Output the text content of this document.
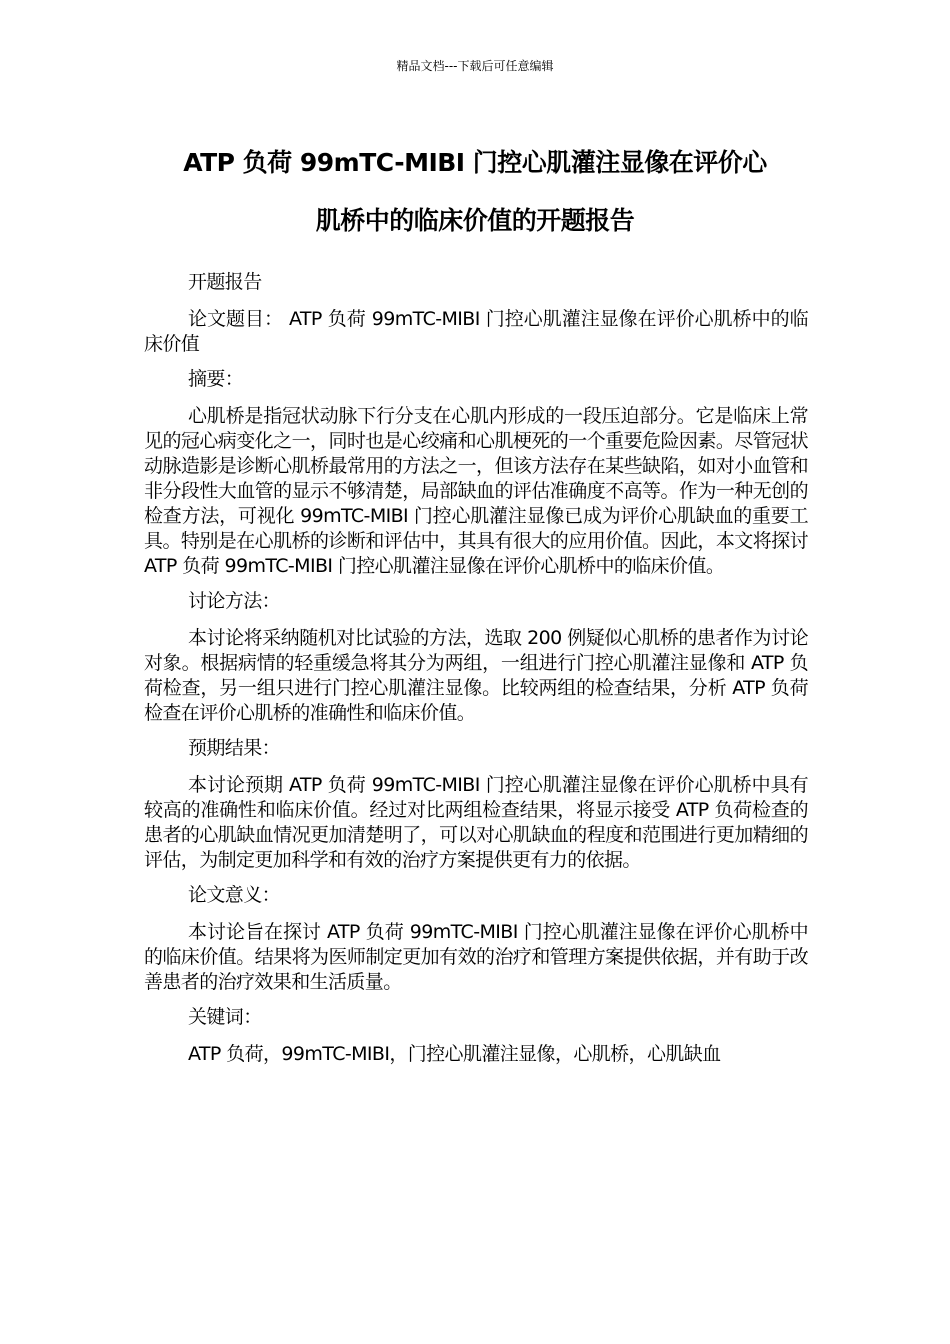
精品文档---下载后可任意编辑
ATP 负荷 99mTC-MIBI 门控心肌灌注显像在评价心
肌桥中的临床价值的开题报告

开题报告

论文题目： ATP 负荷 99mTC-MIBI 门控心肌灌注显像在评价心肌桥中的临床价值

摘要：

心肌桥是指冠状动脉下行分支在心肌内形成的一段压迫部分。它是临床上常见的冠心病变化之一，同时也是心绞痛和心肌梗死的一个重要危险因素。尽管冠状动脉造影是诊断心肌桥最常用的方法之一，但该方法存在某些缺陷，如对小血管和非分段性大血管的显示不够清楚，局部缺血的评估准确度不高等。作为一种无创的检查方法，可视化 99mTC-MIBI 门控心肌灌注显像已成为评价心肌缺血的重要工具。特别是在心肌桥的诊断和评估中，其具有很大的应用价值。因此，本文将探讨 ATP 负荷 99mTC-MIBI 门控心肌灌注显像在评价心肌桥中的临床价值。

讨论方法：

本讨论将采纳随机对比试验的方法，选取 200 例疑似心肌桥的患者作为讨论对象。根据病情的轻重缓急将其分为两组，一组进行门控心肌灌注显像和 ATP 负荷检查，另一组只进行门控心肌灌注显像。比较两组的检查结果，分析 ATP 负荷检查在评价心肌桥的准确性和临床价值。

预期结果：

本讨论预期 ATP 负荷 99mTC-MIBI 门控心肌灌注显像在评价心肌桥中具有较高的准确性和临床价值。经过对比两组检查结果，将显示接受 ATP 负荷检查的患者的心肌缺血情况更加清楚明了，可以对心肌缺血的程度和范围进行更加精细的评估，为制定更加科学和有效的治疗方案提供更有力的依据。

论文意义：

本讨论旨在探讨 ATP 负荷 99mTC-MIBI 门控心肌灌注显像在评价心肌桥中的临床价值。结果将为医师制定更加有效的治疗和管理方案提供依据，并有助于改善患者的治疗效果和生活质量。

关键词：

ATP 负荷，99mTC-MIBI，门控心肌灌注显像，心肌桥，心肌缺血
